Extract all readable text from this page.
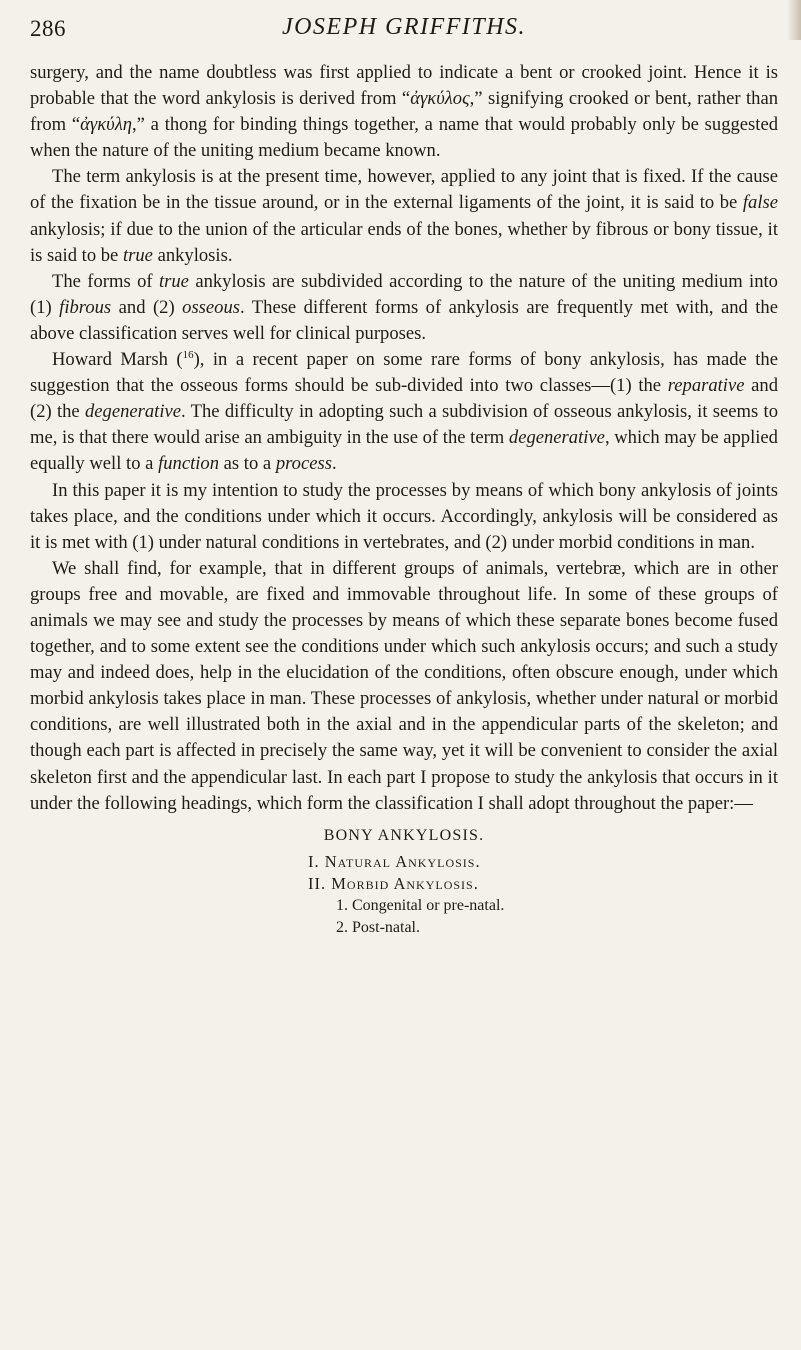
286	JOSEPH GRIFFITHS.

surgery, and the name doubtless was first applied to indicate a bent or crooked joint. Hence it is probable that the word ankylosis is derived from “ἀγκύλος,” signifying crooked or bent, rather than from “ἀγκύλη,” a thong for binding things together, a name that would probably only be suggested when the nature of the uniting medium became known.

The term ankylosis is at the present time, however, applied to any joint that is fixed. If the cause of the fixation be in the tissue around, or in the external ligaments of the joint, it is said to be false ankylosis; if due to the union of the articular ends of the bones, whether by fibrous or bony tissue, it is said to be true ankylosis.

The forms of true ankylosis are subdivided according to the nature of the uniting medium into (1) fibrous and (2) osseous. These different forms of ankylosis are frequently met with, and the above classification serves well for clinical purposes.

Howard Marsh ($^{16}$), in a recent paper on some rare forms of bony ankylosis, has made the suggestion that the osseous forms should be sub-divided into two classes—(1) the reparative and (2) the degenerative. The difficulty in adopting such a subdivision of osseous ankylosis, it seems to me, is that there would arise an ambiguity in the use of the term degenerative, which may be applied equally well to a function as to a process.

In this paper it is my intention to study the processes by means of which bony ankylosis of joints takes place, and the conditions under which it occurs. Accordingly, ankylosis will be considered as it is met with (1) under natural conditions in vertebrates, and (2) under morbid conditions in man.

We shall find, for example, that in different groups of animals, vertebræ, which are in other groups free and movable, are fixed and immovable throughout life. In some of these groups of animals we may see and study the processes by means of which these separate bones become fused together, and to some extent see the conditions under which such ankylosis occurs; and such a study may and indeed does, help in the elucidation of the conditions, often obscure enough, under which morbid ankylosis takes place in man. These processes of ankylosis, whether under natural or morbid conditions, are well illustrated both in the axial and in the appendicular parts of the skeleton; and though each part is affected in precisely the same way, yet it will be convenient to consider the axial skeleton first and the appendicular last. In each part I propose to study the ankylosis that occurs in it under the following headings, which form the classification I shall adopt throughout the paper:—

BONY ANKYLOSIS.
I. Natural Ankylosis.
II. Morbid Ankylosis.
1. Congenital or pre-natal.
2. Post-natal.
